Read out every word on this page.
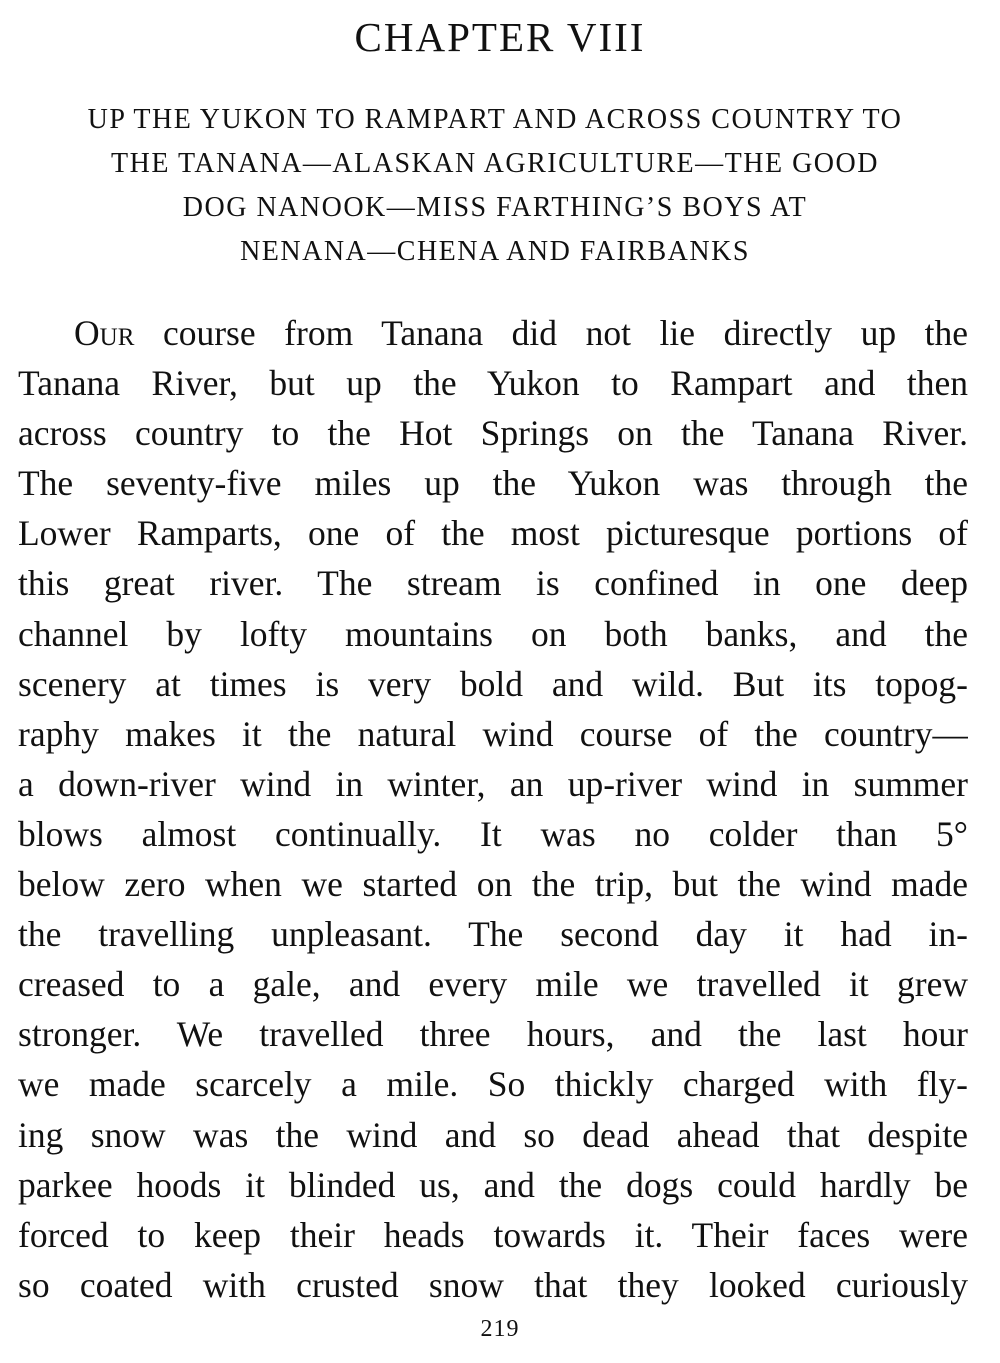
CHAPTER VIII
UP THE YUKON TO RAMPART AND ACROSS COUNTRY TO
THE TANANA—ALASKAN AGRICULTURE—THE GOOD
DOG NANOOK—MISS FARTHING’S BOYS AT
NENANA—CHENA AND FAIRBANKS
Our course from Tanana did not lie directly up the
Tanana River, but up the Yukon to Rampart and then
across country to the Hot Springs on the Tanana River.
The seventy-five miles up the Yukon was through the
Lower Ramparts, one of the most picturesque portions of
this great river. The stream is confined in one deep
channel by lofty mountains on both banks, and the
scenery at times is very bold and wild. But its topog-
raphy makes it the natural wind course of the country—
a down-river wind in winter, an up-river wind in summer
blows almost continually. It was no colder than 5°
below zero when we started on the trip, but the wind made
the travelling unpleasant. The second day it had in-
creased to a gale, and every mile we travelled it grew
stronger. We travelled three hours, and the last hour
we made scarcely a mile. So thickly charged with fly-
ing snow was the wind and so dead ahead that despite
parkee hoods it blinded us, and the dogs could hardly be
forced to keep their heads towards it. Their faces were
so coated with crusted snow that they looked curiously
219
